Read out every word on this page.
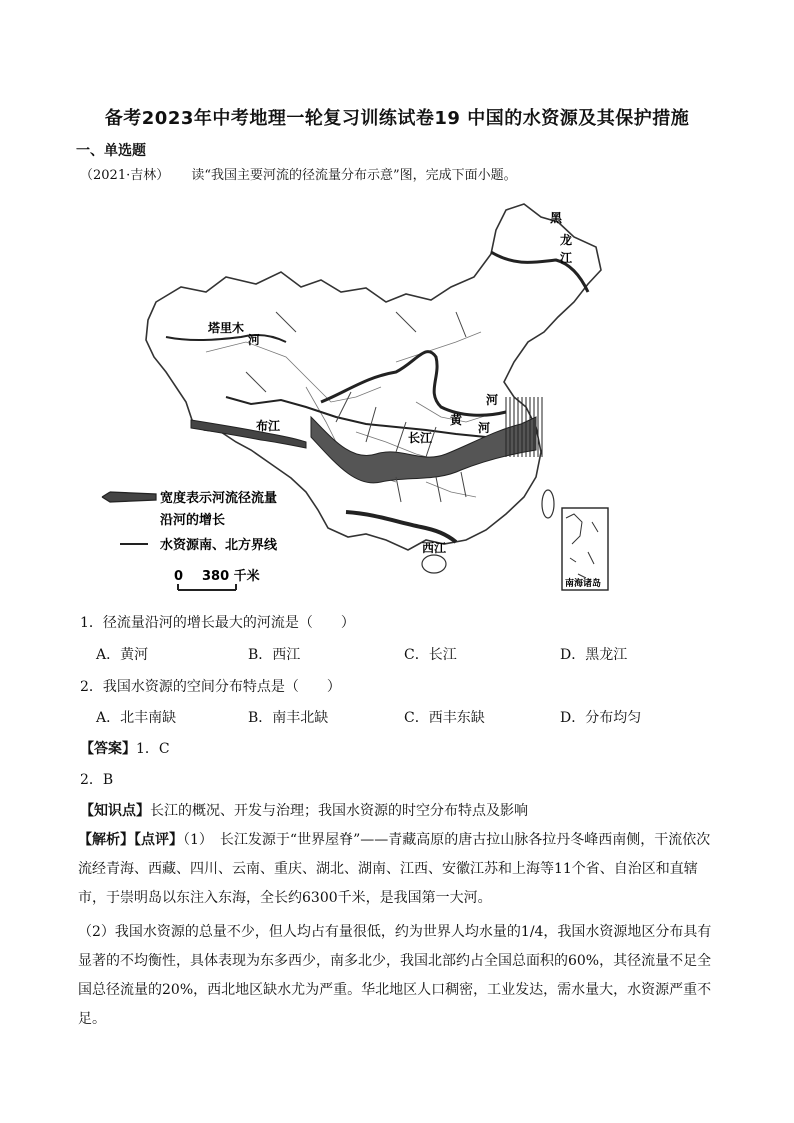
备考2023年中考地理一轮复习训练试卷19 中国的水资源及其保护措施
一、单选题
（2021·吉林） 读“我国主要河流的径流量分布示意”图，完成下面小题。
南海诸岛
塔里木
河
黑
龙
江
黄
河
河
布江
长江
西江
宽度表示河流径流量
沿河的增长
水资源南、北方界线
0 380 千米
1．径流量沿河的增长最大的河流是（　　）
A．黄河	B．西江	C．长江	D．黑龙江
2．我国水资源的空间分布特点是（　　）
A．北丰南缺	B．南丰北缺	C．西丰东缺	D．分布均匀
【答案】1．C
2．B
【知识点】长江的概况、开发与治理；我国水资源的时空分布特点及影响
【解析】【点评】（1）　长江发源于“世界屋脊”——青藏高原的唐古拉山脉各拉丹冬峰西南侧，干流依次流经青海、西藏、四川、云南、重庆、湖北、湖南、江西、安徽江苏和上海等11个省、自治区和直辖市，于崇明岛以东注入东海，全长约6300千米，是我国第一大河。
（2）我国水资源的总量不少，但人均占有量很低，约为世界人均水量的1/4，我国水资源地区分布具有显著的不均衡性，具体表现为东多西少，南多北少，我国北部约占全国总面积的60%，其径流量不足全国总径流量的20%，西北地区缺水尤为严重。华北地区人口稠密，工业发达，需水量大，水资源严重不足。
